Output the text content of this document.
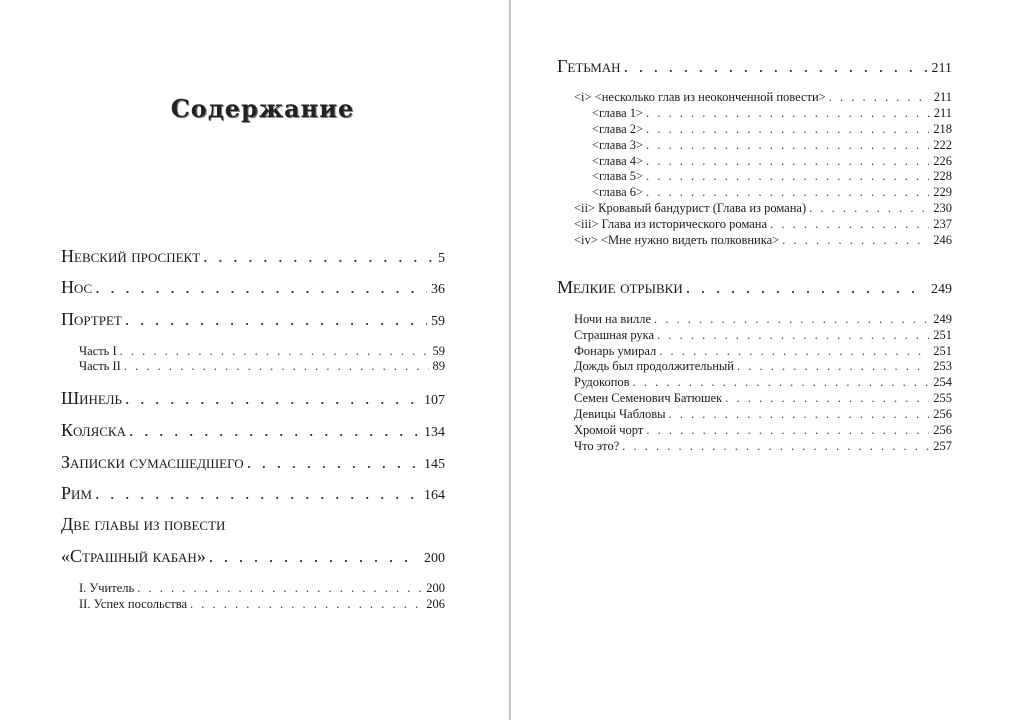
Содержание
Невский проспект . . .	5
Нос . . .	36
Портрет . . .	59
Часть I . . .	59
Часть II . . .	89
Шинель . . .	107
Коляска . . .	134
Записки сумасшедшего . . .	145
Рим . . .	164
Две главы из повести
«Страшный кабан» . . .	200
I. Учитель . . .	200
II. Успех посольства . . .	206
Гетьман . . .	211
<i> <несколько глав из неоконченной повести> . . .	211
<глава 1> . . .	211
<глава 2> . . .	218
<глава 3> . . .	222
<глава 4> . . .	226
<глава 5> . . .	228
<глава 6> . . .	229
<ii> Кровавый бандурист (Глава из романа) . . .	230
<iii> Глава из исторического романа . . .	237
<iv> <Мне нужно видеть полковника> . . .	246
Мелкие отрывки . . .	249
Ночи на вилле . . .	249
Страшная рука . . .	251
Фонарь умирал . . .	251
Дождь был продолжительный . . .	253
Рудокопов . . .	254
Семен Семенович Батюшек . . .	255
Девицы Чабловы . . .	256
Хромой чорт . . .	256
Что это? . . .	257
